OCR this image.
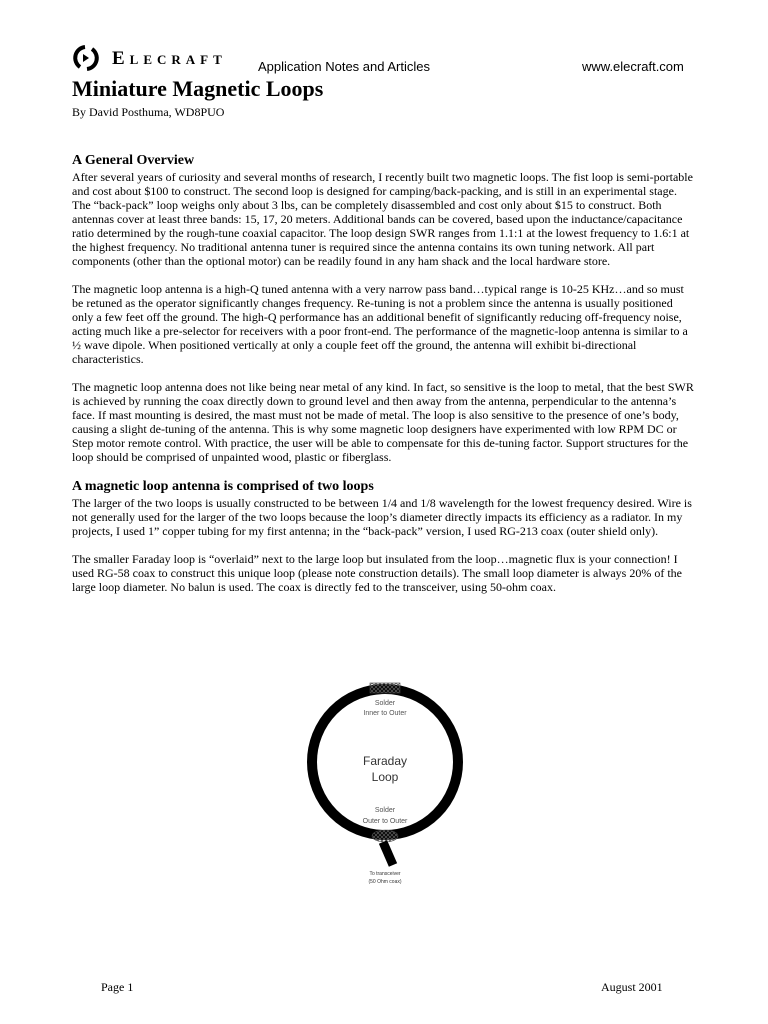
Elecraft Application Notes and Articles	www.elecraft.com
Miniature Magnetic Loops
By David Posthuma, WD8PUO
A General Overview

After several years of curiosity and several months of research, I recently built two magnetic loops. The fist loop is semi-portable and cost about $100 to construct. The second loop is designed for camping/back-packing, and is still in an experimental stage. The “back-pack” loop weighs only about 3 lbs, can be completely disassembled and cost only about $15 to construct. Both antennas cover at least three bands: 15, 17, 20 meters. Additional bands can be covered, based upon the inductance/capacitance ratio determined by the rough-tune coaxial capacitor. The loop design SWR ranges from 1.1:1 at the lowest frequency to 1.6:1 at the highest frequency. No traditional antenna tuner is required since the antenna contains its own tuning network. All part components (other than the optional motor) can be readily found in any ham shack and the local hardware store.

The magnetic loop antenna is a high-Q tuned antenna with a very narrow pass band…typical range is 10-25 KHz…and so must be retuned as the operator significantly changes frequency. Re-tuning is not a problem since the antenna is usually positioned only a few feet off the ground. The high-Q performance has an additional benefit of significantly reducing off-frequency noise, acting much like a pre-selector for receivers with a poor front-end. The performance of the magnetic-loop antenna is similar to a ½ wave dipole. When positioned vertically at only a couple feet off the ground, the antenna will exhibit bi-directional characteristics.

The magnetic loop antenna does not like being near metal of any kind. In fact, so sensitive is the loop to metal, that the best SWR is achieved by running the coax directly down to ground level and then away from the antenna, perpendicular to the antenna’s face. If mast mounting is desired, the mast must not be made of metal. The loop is also sensitive to the presence of one’s body, causing a slight de-tuning of the antenna. This is why some magnetic loop designers have experimented with low RPM DC or Step motor remote control. With practice, the user will be able to compensate for this de-tuning factor. Support structures for the loop should be comprised of unpainted wood, plastic or fiberglass.

A magnetic loop antenna is comprised of two loops

The larger of the two loops is usually constructed to be between 1/4 and 1/8 wavelength for the lowest frequency desired. Wire is not generally used for the larger of the two loops because the loop’s diameter directly impacts its efficiency as a radiator. In my projects, I used 1” copper tubing for my first antenna; in the “back-pack” version, I used RG-213 coax (outer shield only).

The smaller Faraday loop is “overlaid” next to the large loop but insulated from the loop…magnetic flux is your connection! I used RG-58 coax to construct this unique loop (please note construction details). The small loop diameter is always 20% of the large loop diameter. No balun is used. The coax is directly fed to the transceiver, using 50-ohm coax.

Solder
Inner to Outer
Faraday
Loop
Solder
Outer to Outer
To transceiver
(50 Ohm coax)
Page 1	August 2001
